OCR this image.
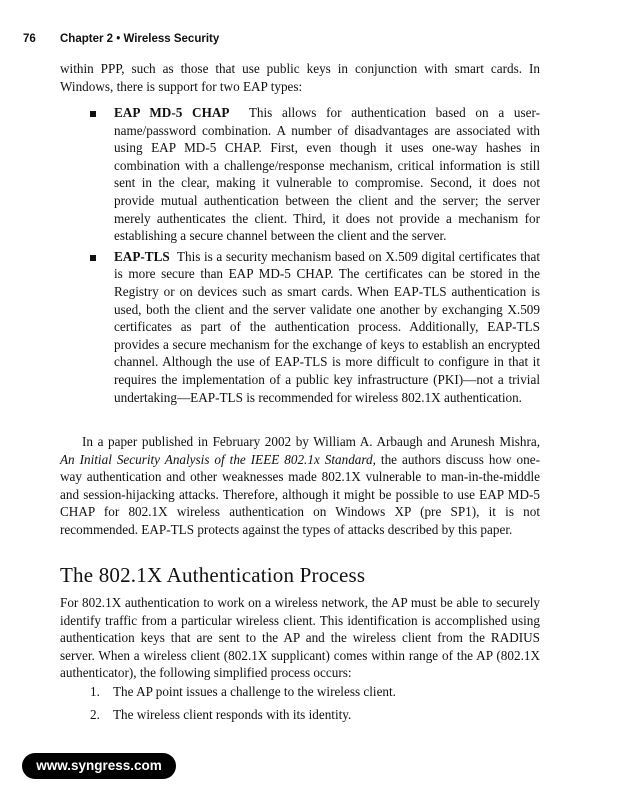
76 Chapter 2 • Wireless Security

within PPP, such as those that use public keys in conjunction with smart cards. In Windows, there is support for two EAP types:

EAP MD-5 CHAP This allows for authentication based on a user-name/password combination. A number of disadvantages are associated with using EAP MD-5 CHAP. First, even though it uses one-way hashes in combination with a challenge/response mechanism, critical information is still sent in the clear, making it vulnerable to compromise. Second, it does not provide mutual authentication between the client and the server; the server merely authenticates the client. Third, it does not provide a mechanism for establishing a secure channel between the client and the server.
EAP-TLS This is a security mechanism based on X.509 digital certificates that is more secure than EAP MD-5 CHAP. The certificates can be stored in the Registry or on devices such as smart cards. When EAP-TLS authentication is used, both the client and the server validate one another by exchanging X.509 certificates as part of the authentication process. Additionally, EAP-TLS provides a secure mechanism for the exchange of keys to establish an encrypted channel. Although the use of EAP-TLS is more difficult to configure in that it requires the implementation of a public key infrastructure (PKI)—not a trivial undertaking—EAP-TLS is recommended for wireless 802.1X authentication.

In a paper published in February 2002 by William A. Arbaugh and Arunesh Mishra, An Initial Security Analysis of the IEEE 802.1x Standard, the authors discuss how one-way authentication and other weaknesses made 802.1X vulnerable to man-in-the-middle and session-hijacking attacks. Therefore, although it might be possible to use EAP MD-5 CHAP for 802.1X wireless authentication on Windows XP (pre SP1), it is not recommended. EAP-TLS protects against the types of attacks described by this paper.

The 802.1X Authentication Process

For 802.1X authentication to work on a wireless network, the AP must be able to securely identify traffic from a particular wireless client. This identification is accomplished using authentication keys that are sent to the AP and the wireless client from the RADIUS server. When a wireless client (802.1X supplicant) comes within range of the AP (802.1X authenticator), the following simplified process occurs:

1. The AP point issues a challenge to the wireless client.
2. The wireless client responds with its identity.
www.syngress.com
